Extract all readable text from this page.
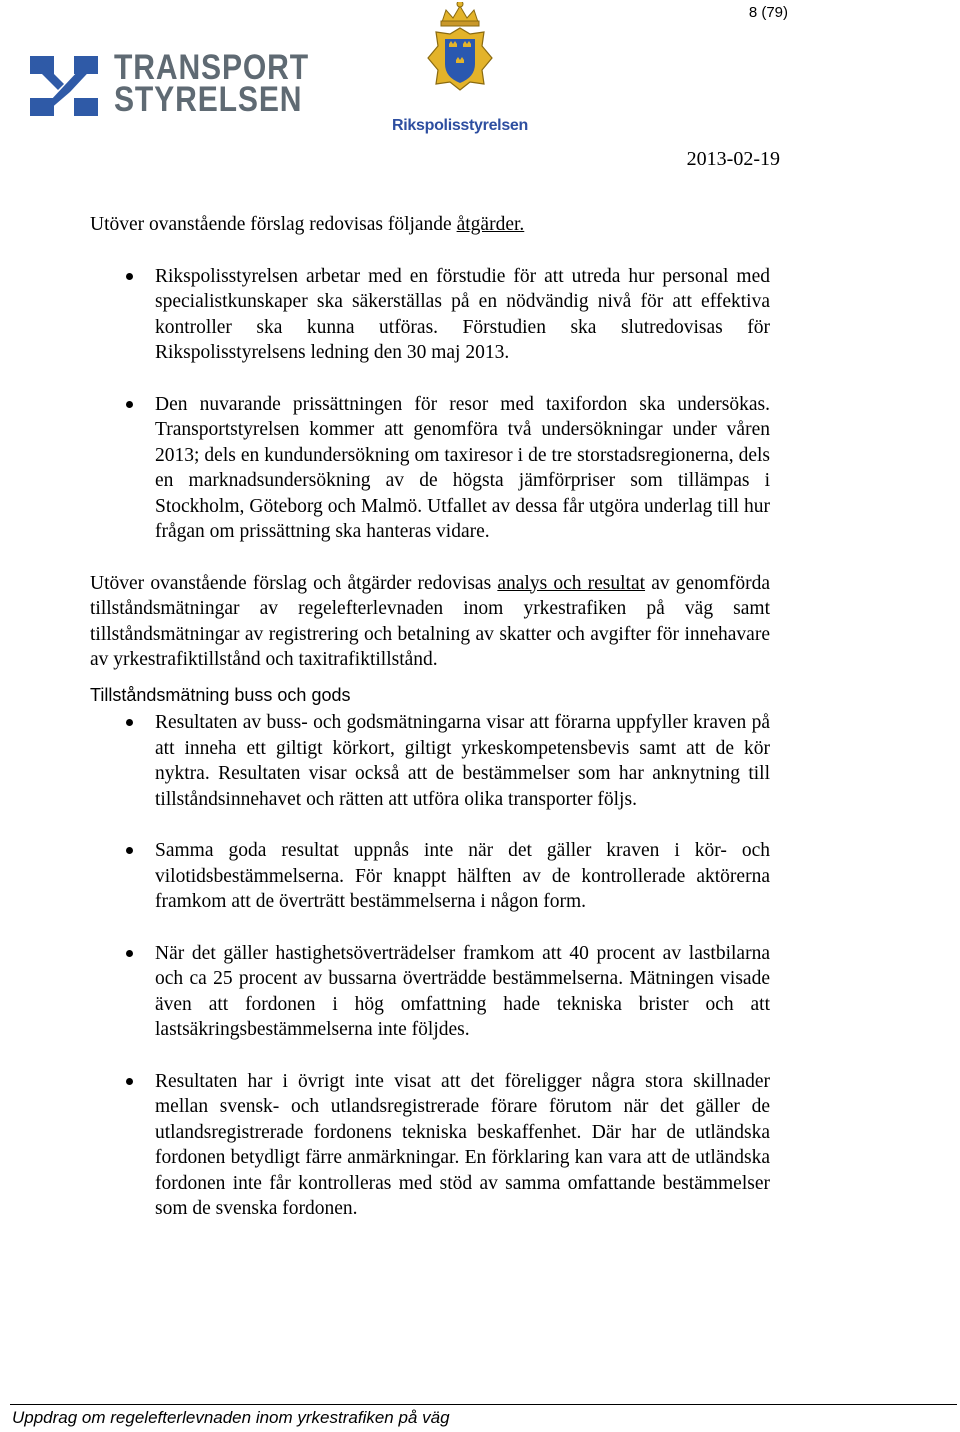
8 (79)
TRANSPORT
STYRELSEN
Rikspolisstyrelsen
2013-02-19

Utöver ovanstående förslag redovisas följande åtgärder.

Rikspolisstyrelsen arbetar med en förstudie för att utreda hur personal med specialistkunskaper ska säkerställas på en nödvändig nivå för att effektiva kontroller ska kunna utföras. Förstudien ska slutredovisas för Rikspolisstyrelsens ledning den 30 maj 2013.
Den nuvarande prissättningen för resor med taxifordon ska undersökas. Transportstyrelsen kommer att genomföra två undersökningar under våren 2013; dels en kundundersökning om taxiresor i de tre storstadsregionerna, dels en marknadsundersökning av de högsta jämförpriser som tillämpas i Stockholm, Göteborg och Malmö. Utfallet av dessa får utgöra underlag till hur frågan om prissättning ska hanteras vidare.

Utöver ovanstående förslag och åtgärder redovisas analys och resultat av genomförda tillståndsmätningar av regelefterlevnaden inom yrkestrafiken på väg samt tillståndsmätningar av registrering och betalning av skatter och avgifter för innehavare av yrkestrafiktillstånd och taxitrafiktillstånd.

Tillståndsmätning buss och gods
Resultaten av buss- och godsmätningarna visar att förarna uppfyller kraven på att inneha ett giltigt körkort, giltigt yrkeskompetensbevis samt att de kör nyktra. Resultaten visar också att de bestämmelser som har anknytning till tillståndsinnehavet och rätten att utföra olika transporter följs.
Samma goda resultat uppnås inte när det gäller kraven i kör- och vilotidsbestämmelserna. För knappt hälften av de kontrollerade aktörerna framkom att de överträtt bestämmelserna i någon form.
När det gäller hastighetsöverträdelser framkom att 40 procent av lastbilarna och ca 25 procent av bussarna överträdde bestämmelserna. Mätningen visade även att fordonen i hög omfattning hade tekniska brister och att lastsäkringsbestämmelserna inte följdes.
Resultaten har i övrigt inte visat att det föreligger några stora skillnader mellan svensk- och utlandsregistrerade förare förutom när det gäller de utlandsregistrerade fordonens tekniska beskaffenhet. Där har de utländska fordonen betydligt färre anmärkningar. En förklaring kan vara att de utländska fordonen inte får kontrolleras med stöd av samma omfattande bestämmelser som de svenska fordonen.
Uppdrag om regelefterlevnaden inom yrkestrafiken på väg
